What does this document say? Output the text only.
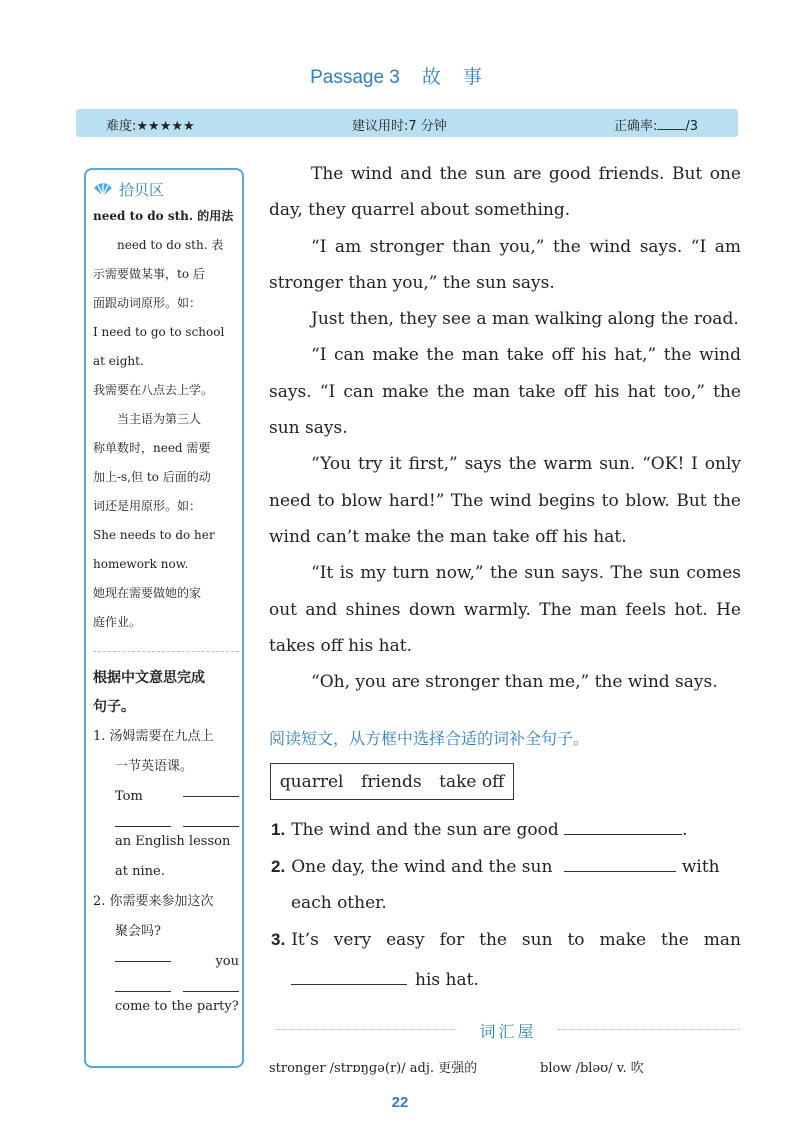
Passage 3 故 事
难度:★★★★★	建议用时:7 分钟	正确率: /3
拾贝区
need to do sth. 的用法
need to do sth. 表
示需要做某事，to 后
面跟动词原形。如：
I need to go to school
at eight.
我需要在八点去上学。
当主语为第三人
称单数时，need 需要
加上-s,但 to 后面的动
词还是用原形。如：
She needs to do her
homework now.
她现在需要做她的家
庭作业。
根据中文意思完成
句子。
1. 汤姆需要在九点上
一节英语课。
Tom
an English lesson
at nine.
2. 你需要来参加这次
聚会吗?
you
come to the party?

The wind and the sun are good friends. But one day, they quarrel about something.

“I am stronger than you,” the wind says. “I am stronger than you,” the sun says.

Just then, they see a man walking along the road.

“I can make the man take off his hat,” the wind says. “I can make the man take off his hat too,” the sun says.

“You try it first,” says the warm sun. “OK! I only need to blow hard!” The wind begins to blow. But the wind can’t make the man take off his hat.

“It is my turn now,” the sun says. The sun comes out and shines down warmly. The man feels hot. He takes off his hat.

“Oh, you are stronger than me,” the wind says.

阅读短文，从方框中选择合适的词补全句子。
quarrel friends take off
1. The wind and the sun are good	.
2. One day, the wind and the sun	with
each other.
3. It’s very easy for the sun to make the man
his hat.
词汇屋
stronger /strɒŋɡə(r)/ adj. 更强的	blow /bləʊ/ v. 吹
22
